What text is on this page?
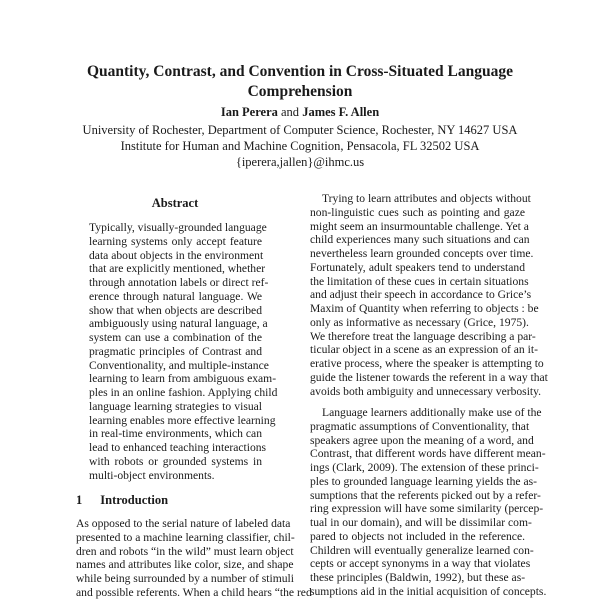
Quantity, Contrast, and Convention in Cross-Situated Language
Comprehension
Ian Perera and James F. Allen
University of Rochester, Department of Computer Science, Rochester, NY 14627 USA
Institute for Human and Machine Cognition, Pensacola, FL 32502 USA
{iperera,jallen}@ihmc.us
Abstract
Typically, visually-grounded language
learning systems only accept feature
data about objects in the environment
that are explicitly mentioned, whether
through annotation labels or direct ref-
erence through natural language. We
show that when objects are described
ambiguously using natural language, a
system can use a combination of the
pragmatic principles of Contrast and
Conventionality, and multiple-instance
learning to learn from ambiguous exam-
ples in an online fashion. Applying child
language learning strategies to visual
learning enables more effective learning
in real-time environments, which can
lead to enhanced teaching interactions
with robots or grounded systems in
multi-object environments.
1 Introduction
As opposed to the serial nature of labeled data
presented to a machine learning classifier, chil-
dren and robots “in the wild” must learn object
names and attributes like color, size, and shape
while being surrounded by a number of stimuli
and possible referents. When a child hears “the red
Trying to learn attributes and objects without
non-linguistic cues such as pointing and gaze
might seem an insurmountable challenge. Yet a
child experiences many such situations and can
nevertheless learn grounded concepts over time.
Fortunately, adult speakers tend to understand
the limitation of these cues in certain situations
and adjust their speech in accordance to Grice’s
Maxim of Quantity when referring to objects : be
only as informative as necessary (Grice, 1975).
We therefore treat the language describing a par-
ticular object in a scene as an expression of an it-
erative process, where the speaker is attempting to
guide the listener towards the referent in a way that
avoids both ambiguity and unnecessary verbosity.
Language learners additionally make use of the
pragmatic assumptions of Conventionality, that
speakers agree upon the meaning of a word, and
Contrast, that different words have different mean-
ings (Clark, 2009). The extension of these princi-
ples to grounded language learning yields the as-
sumptions that the referents picked out by a refer-
ring expression will have some similarity (percep-
tual in our domain), and will be dissimilar com-
pared to objects not included in the reference.
Children will eventually generalize learned con-
cepts or accept synonyms in a way that violates
these principles (Baldwin, 1992), but these as-
sumptions aid in the initial acquisition of concepts.
